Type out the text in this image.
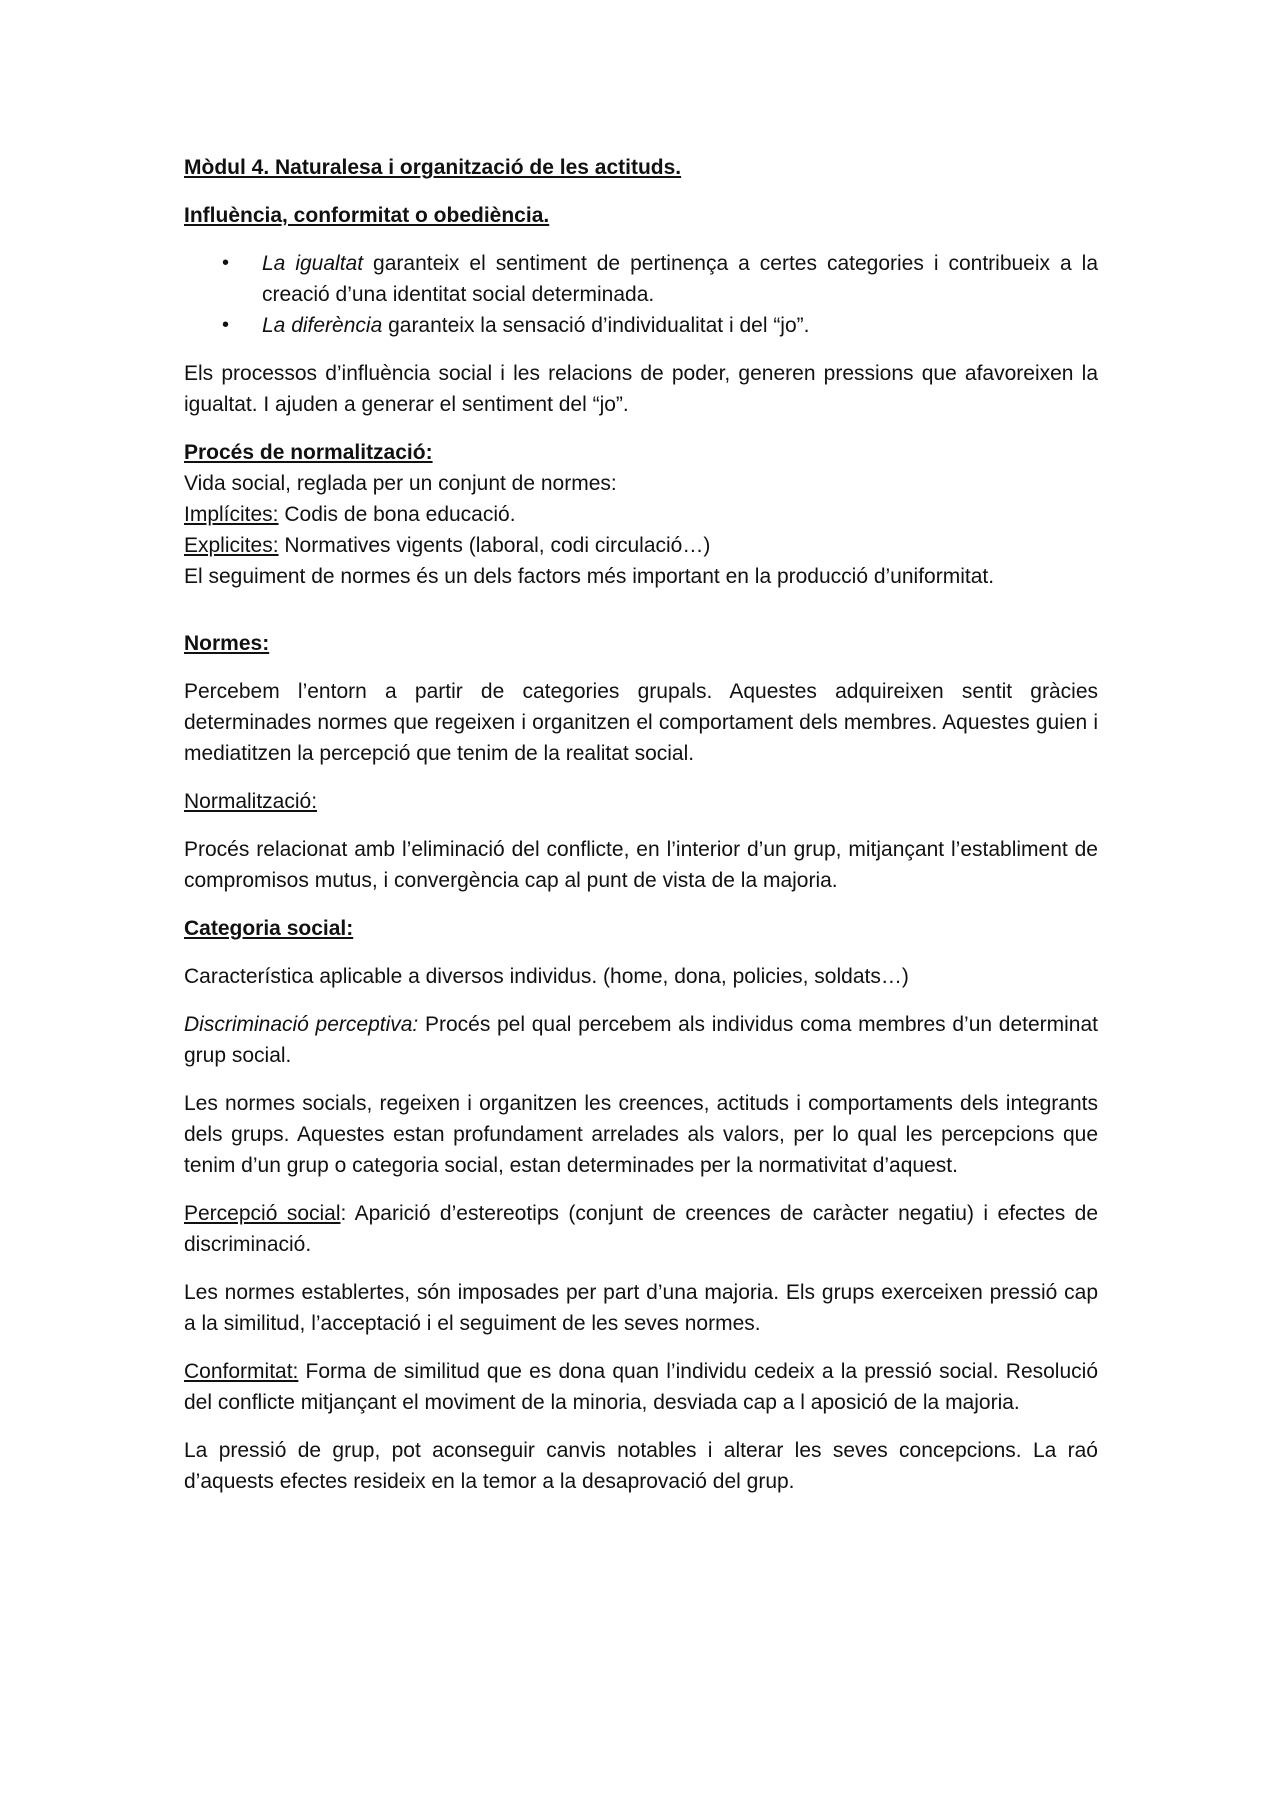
Mòdul 4. Naturalesa i organització de les actituds.

Influència, conformitat o obediència.

• La igualtat garanteix el sentiment de pertinença a certes categories i contribueix a la creació d’una identitat social determinada.
• La diferència garanteix la sensació d’individualitat i del “jo”.

Els processos d’influència social i les relacions de poder, generen pressions que afavoreixen la igualtat. I ajuden a generar el sentiment del “jo”.

Procés de normalització:
Vida social, reglada per un conjunt de normes:
Implícites: Codis de bona educació.
Explicites: Normatives vigents (laboral, codi circulació…)
El seguiment de normes és un dels factors més important en la producció d’uniformitat.

Normes:

Percebem l’entorn a partir de categories grupals. Aquestes adquireixen sentit gràcies determinades normes que regeixen i organitzen el comportament dels membres. Aquestes guien i mediatitzen la percepció que tenim de la realitat social.

Normalització:

Procés relacionat amb l’eliminació del conflicte, en l’interior d’un grup, mitjançant l’establiment de compromisos mutus, i convergència cap al punt de vista de la majoria.

Categoria social:

Característica aplicable a diversos individus. (home, dona, policies, soldats…)

Discriminació perceptiva: Procés pel qual percebem als individus coma membres d’un determinat grup social.

Les normes socials, regeixen i organitzen les creences, actituds i comportaments dels integrants dels grups. Aquestes estan profundament arrelades als valors, per lo qual les percepcions que tenim d’un grup o categoria social, estan determinades per la normativitat d’aquest.

Percepció social: Aparició d’estereotips (conjunt de creences de caràcter negatiu) i efectes de discriminació.

Les normes establertes, són imposades per part d’una majoria. Els grups exerceixen pressió cap a la similitud, l’acceptació i el seguiment de les seves normes.

Conformitat: Forma de similitud que es dona quan l’individu cedeix a la pressió social. Resolució del conflicte mitjançant el moviment de la minoria, desviada cap a l aposició de la majoria.

La pressió de grup, pot aconseguir canvis notables i alterar les seves concepcions. La raó d’aquests efectes resideix en la temor a la desaprovació del grup.
